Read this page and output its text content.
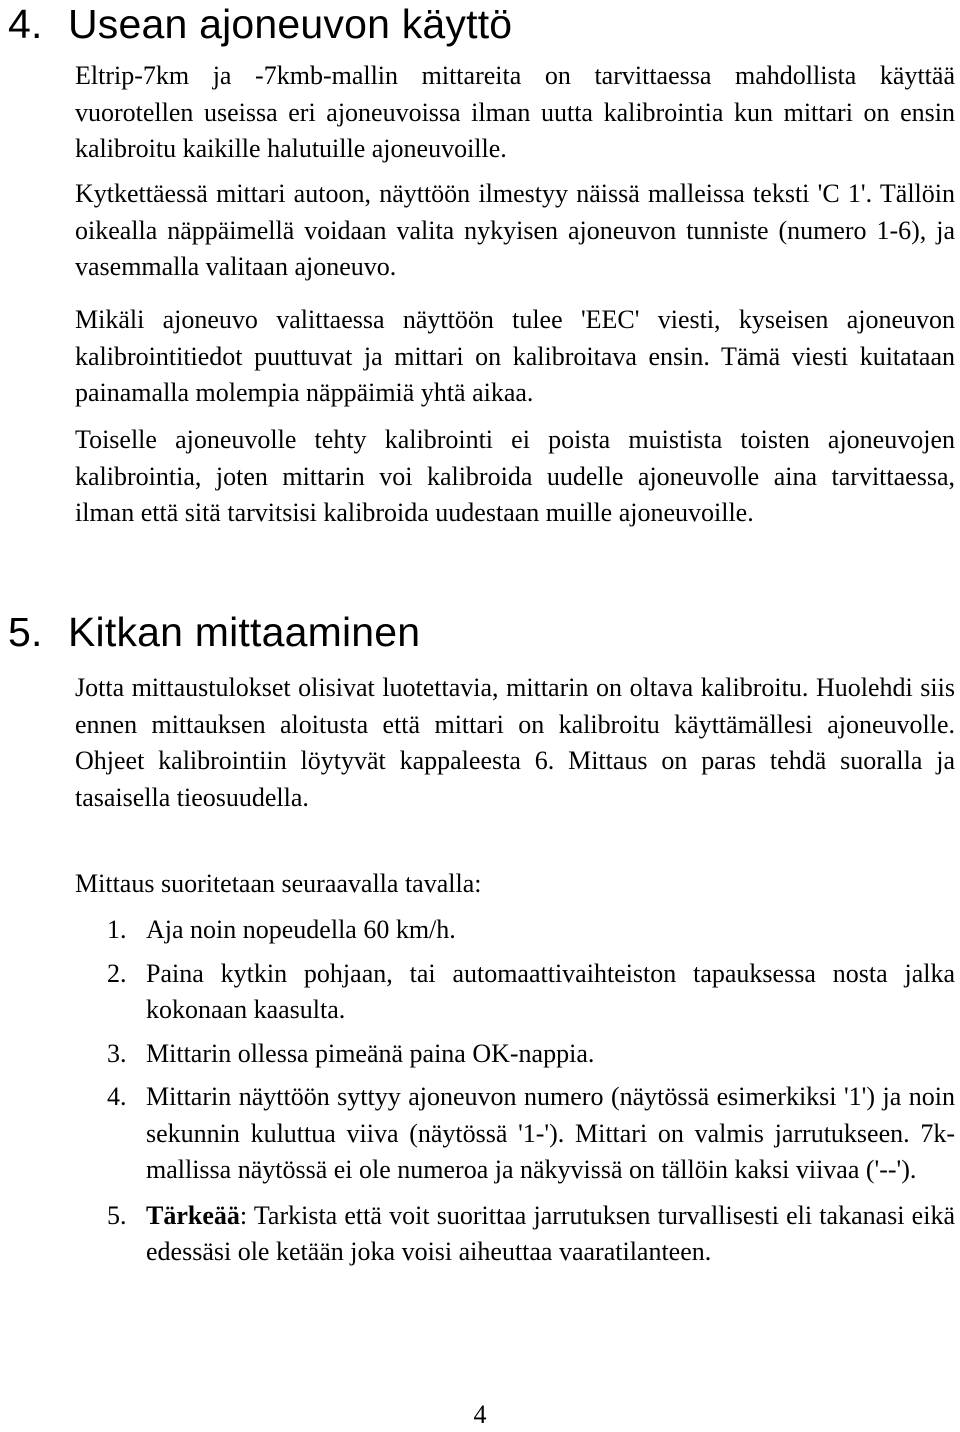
4. Usean ajoneuvon käyttö

Eltrip-7km ja -7kmb-mallin mittareita on tarvittaessa mahdollista käyttää vuorotellen useissa eri ajoneuvoissa ilman uutta kalibrointia kun mittari on ensin kalibroitu kaikille halutuille ajoneuvoille.

Kytkettäessä mittari autoon, näyttöön ilmestyy näissä malleissa teksti 'C 1'. Tällöin oikealla näppäimellä voidaan valita nykyisen ajoneuvon tunniste (numero 1-6), ja vasemmalla valitaan ajoneuvo.

Mikäli ajoneuvo valittaessa näyttöön tulee 'EEC' viesti, kyseisen ajoneuvon kalibrointitiedot puuttuvat ja mittari on kalibroitava ensin. Tämä viesti kuitataan painamalla molempia näppäimiä yhtä aikaa.

Toiselle ajoneuvolle tehty kalibrointi ei poista muistista toisten ajoneuvojen kalibrointia, joten mittarin voi kalibroida uudelle ajoneuvolle aina tarvittaessa, ilman että sitä tarvitsisi kalibroida uudestaan muille ajoneuvoille.

5. Kitkan mittaaminen

Jotta mittaustulokset olisivat luotettavia, mittarin on oltava kalibroitu. Huolehdi siis ennen mittauksen aloitusta että mittari on kalibroitu käyttämällesi ajoneuvolle. Ohjeet kalibrointiin löytyvät kappaleesta 6. Mittaus on paras tehdä suoralla ja tasaisella tieosuudella.

Mittaus suoritetaan seuraavalla tavalla:

1. Aja noin nopeudella 60 km/h.
2. Paina kytkin pohjaan, tai automaattivaihteiston tapauksessa nosta jalka kokonaan kaasulta.
3. Mittarin ollessa pimeänä paina OK-nappia.
4. Mittarin näyttöön syttyy ajoneuvon numero (näytössä esimerkiksi '1') ja noin sekunnin kuluttua viiva (näytössä '1-'). Mittari on valmis jarrutukseen. 7k-mallissa näytössä ei ole numeroa ja näkyvissä on tällöin kaksi viivaa ('--').
5. Tärkeää: Tarkista että voit suorittaa jarrutuksen turvallisesti eli takanasi eikä edessäsi ole ketään joka voisi aiheuttaa vaaratilanteen.
4
